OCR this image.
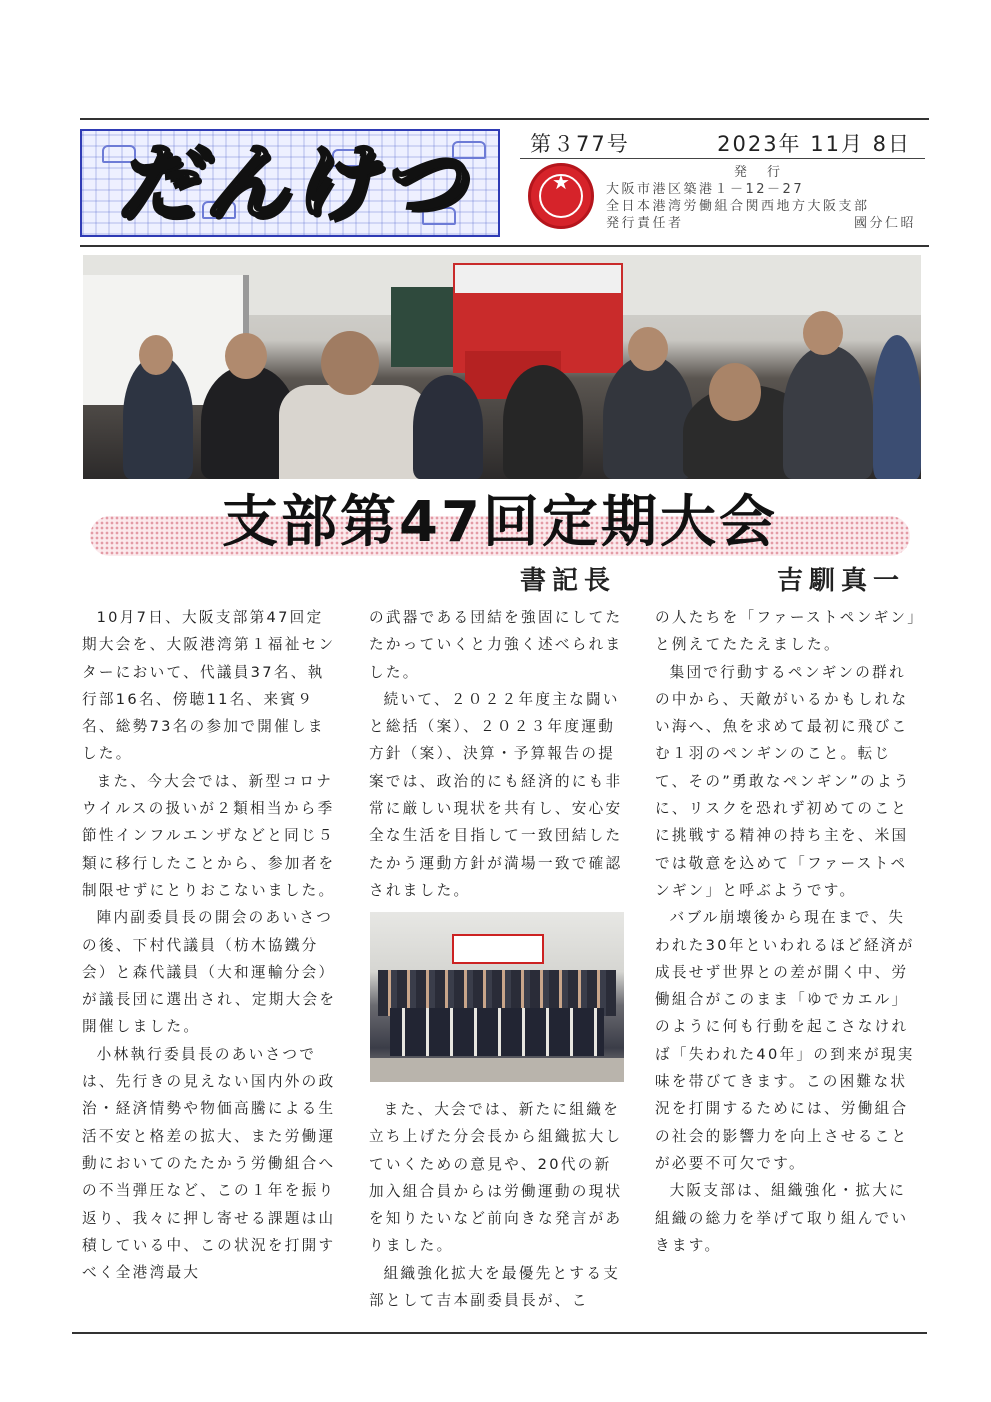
だんけつ	第３77号	2023年 11月 8日
★	発 行
大阪市港区築港１－12－27
全日本港湾労働組合関西地方大阪支部
発行責任者	國分仁昭
支部第47回定期大会
書記長	吉馴真一

10月7日、大阪支部第47回定期大会を、大阪港湾第１福祉センターにおいて、代議員37名、執行部16名、傍聴11名、来賓９名、総勢73名の参加で開催しました。

また、今大会では、新型コロナウイルスの扱いが２類相当から季節性インフルエンザなどと同じ５類に移行したことから、参加者を制限せずにとりおこないました。

陣内副委員長の開会のあいさつの後、下村代議員（枋木協鐵分会）と森代議員（大和運輸分会）が議長団に選出され、定期大会を開催しました。

小林執行委員長のあいさつでは、先行きの見えない国内外の政治・経済情勢や物価高騰による生活不安と格差の拡大、また労働運動においてのたたかう労働組合への不当弾圧など、この１年を振り返り、我々に押し寄せる課題は山積している中、この状況を打開すべく全港湾最大

の武器である団結を強固にしてたたかっていくと力強く述べられました。

続いて、２０２２年度主な闘いと総括（案）、２０２３年度運動方針（案）、決算・予算報告の提案では、政治的にも経済的にも非常に厳しい現状を共有し、安心安全な生活を目指して一致団結したたかう運動方針が満場一致で確認されました。

また、大会では、新たに組織を立ち上げた分会長から組織拡大していくための意見や、20代の新加入組合員からは労働運動の現状を知りたいなど前向きな発言がありました。

組織強化拡大を最優先とする支部として吉本副委員長が、こ

の人たちを「ファーストペンギン」と例えてたたえました。

集団で行動するペンギンの群れの中から、天敵がいるかもしれない海へ、魚を求めて最初に飛びこむ１羽のペンギンのこと。転じて、その”勇敢なペンギン”のように、リスクを恐れず初めてのことに挑戦する精神の持ち主を、米国では敬意を込めて「ファーストペンギン」と呼ぶようです。

バブル崩壊後から現在まで、失われた30年といわれるほど経済が成長せず世界との差が開く中、労働組合がこのまま「ゆでカエル」のように何も行動を起こさなければ「失われた40年」の到来が現実味を帯びてきます。この困難な状況を打開するためには、労働組合の社会的影響力を向上させることが必要不可欠です。

大阪支部は、組織強化・拡大に組織の総力を挙げて取り組んでいきます。
